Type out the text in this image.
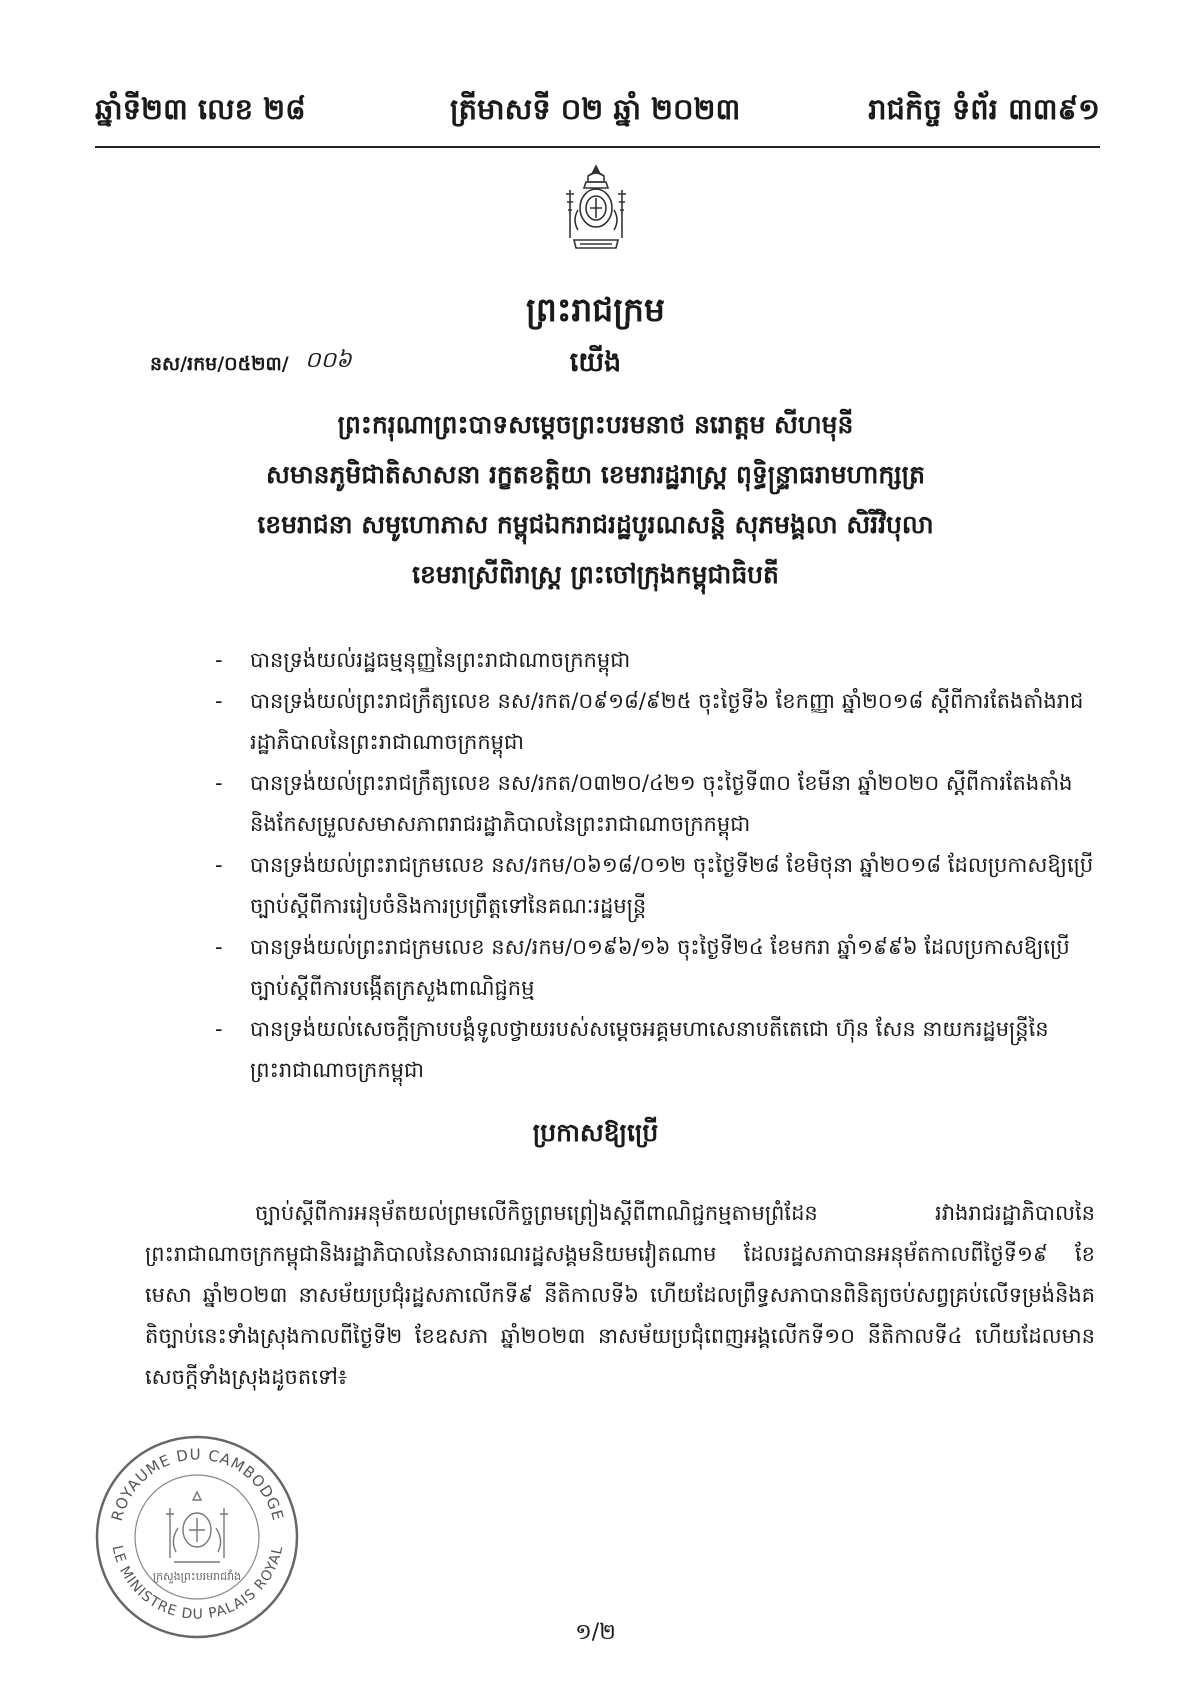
ឆ្នាំទី២៣ លេខ ២៨	ត្រីមាសទី ០២ ឆ្នាំ ២០២៣	រាជកិច្ច ទំព័រ ៣៣៩១
ព្រះរាជក្រម
នស/រកម/០៥២៣/ ០០៦	យើង
ព្រះករុណាព្រះបាទសម្តេចព្រះបរមនាថ នរោត្តម សីហមុនី
សមានភូមិជាតិសាសនា រក្ខតខត្តិយា ខេមរារដ្ឋរាស្ត្រ ពុទ្ធិន្ទ្រាធរាមហាក្សត្រ
ខេមរាជនា សមូហោភាស កម្ពុជឯករាជរដ្ឋបូរណសន្តិ សុភមង្គលា សិរីវិបុលា
ខេមរាស្រីពិរាស្ត្រ ព្រះចៅក្រុងកម្ពុជាធិបតី
- បានទ្រង់យល់រដ្ឋធម្មនុញ្ញនៃព្រះរាជាណាចក្រកម្ពុជា
- បានទ្រង់យល់ព្រះរាជក្រឹត្យលេខ នស/រកត/០៩១៨/៩២៥ ចុះថ្ងៃទី៦ ខែកញ្ញា ឆ្នាំ២០១៨ ស្តីពីការតែងតាំងរាជរដ្ឋាភិបាលនៃព្រះរាជាណាចក្រកម្ពុជា
- បានទ្រង់យល់ព្រះរាជក្រឹត្យលេខ នស/រកត/០៣២០/៤២១ ចុះថ្ងៃទី៣០ ខែមីនា ឆ្នាំ២០២០ ស្តីពីការតែងតាំងនិងកែសម្រួលសមាសភាពរាជរដ្ឋាភិបាលនៃព្រះរាជាណាចក្រកម្ពុជា
- បានទ្រង់យល់ព្រះរាជក្រមលេខ នស/រកម/០៦១៨/០១២ ចុះថ្ងៃទី២៨ ខែមិថុនា ឆ្នាំ២០១៨ ដែលប្រកាសឱ្យប្រើច្បាប់ស្តីពីការរៀបចំនិងការប្រព្រឹត្តទៅនៃគណៈរដ្ឋមន្ត្រី
- បានទ្រង់យល់ព្រះរាជក្រមលេខ នស/រកម/០១៩៦/១៦ ចុះថ្ងៃទី២៤ ខែមករា ឆ្នាំ១៩៩៦ ដែលប្រកាសឱ្យប្រើច្បាប់ស្តីពីការបង្កើតក្រសួងពាណិជ្ជកម្ម
- បានទ្រង់យល់សេចក្តីក្រាបបង្គំទូលថ្វាយរបស់សម្តេចអគ្គមហាសេនាបតីតេជោ ហ៊ុន សែន នាយករដ្ឋមន្ត្រីនៃព្រះរាជាណាចក្រកម្ពុជា
ប្រកាសឱ្យប្រើ

ច្បាប់ស្តីពីការអនុម័តយល់ព្រមលើកិច្ចព្រមព្រៀងស្តីពីពាណិជ្ជកម្មតាមព្រំដែន រវាងរាជរដ្ឋាភិបាលនៃព្រះរាជាណាចក្រកម្ពុជានិងរដ្ឋាភិបាលនៃសាធារណរដ្ឋសង្គមនិយមវៀតណាម ដែលរដ្ឋសភាបានអនុម័តកាលពីថ្ងៃទី១៩ ខែមេសា ឆ្នាំ២០២៣ នាសម័យប្រជុំរដ្ឋសភាលើកទី៩ នីតិកាលទី៦ ហើយដែលព្រឹទ្ធសភាបានពិនិត្យចប់សព្វគ្រប់លើទម្រង់និងគតិច្បាប់នេះទាំងស្រុងកាលពីថ្ងៃទី២ ខែឧសភា ឆ្នាំ២០២៣ នាសម័យប្រជុំពេញអង្គលើកទី១០ នីតិកាលទី៤ ហើយដែលមានសេចក្តីទាំងស្រុងដូចតទៅ៖

ROYAUME DU CAMBODGE
LE MINISTRE DU PALAIS ROYAL
ក្រសួងព្រះបរមរាជវាំង
១/២
